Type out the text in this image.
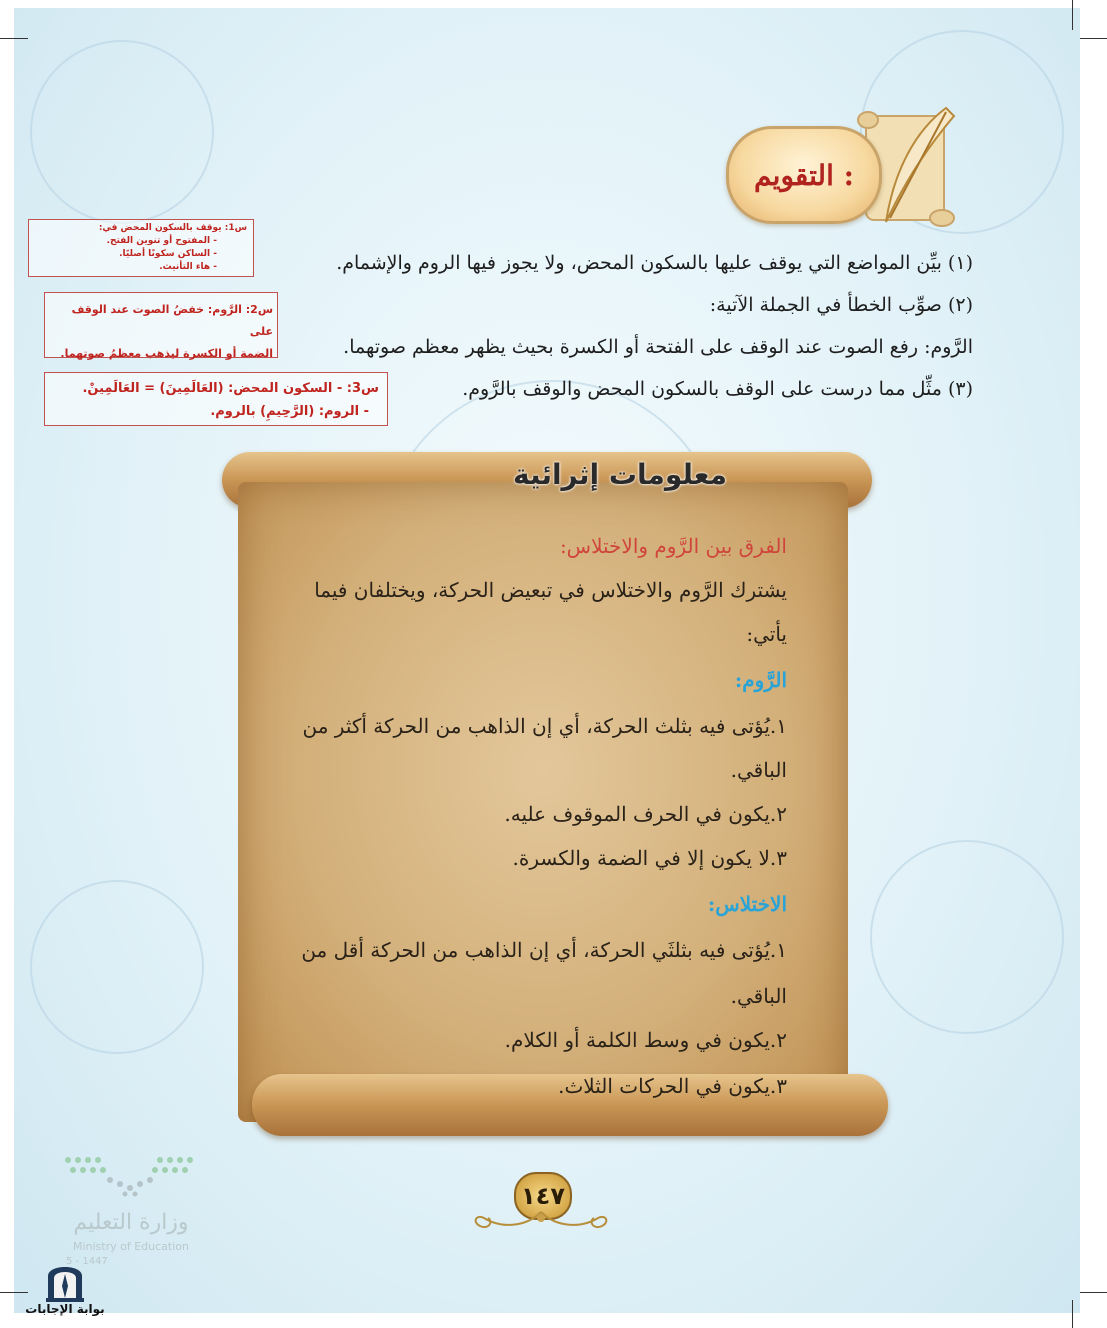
التقويم :
(١) بيِّن المواضع التي يوقف عليها بالسكون المحض، ولا يجوز فيها الروم والإشمام.
(٢) صوِّب الخطأ في الجملة الآتية:
الرَّوم: رفع الصوت عند الوقف على الفتحة أو الكسرة بحيث يظهر معظم صوتهما.
(٣) مثِّل مما درست على الوقف بالسكون المحض والوقف بالرَّوم.
س1: يوقف بالسكون المحض في:
- المفتوح أو تنوين الفتح.
- الساكن سكونًا أصليًا.
- هاء التأنيث.
س2: الرَّوم: خفضُ الصوت عند الوقف على
الضمة أو الكسرة ليذهب معظمُ صوتهما.
س3: - السكون المحض: (العَالَمِينَ) = العَالَمِينْ.
- الروم: (الرَّحِيمِ) بالروم.
معلومات إثرائية
الفرق بين الرَّوم والاختلاس:
يشترك الرَّوم والاختلاس في تبعيض الحركة، ويختلفان فيما
يأتي:
الرَّوم:
١.يُؤتى فيه بثلث الحركة، أي إن الذاهب من الحركة أكثر من
الباقي.
٢.يكون في الحرف الموقوف عليه.
٣.لا يكون إلا في الضمة والكسرة.
الاختلاس:
١.يُؤتى فيه بثلثَي الحركة، أي إن الذاهب من الحركة أقل من
الباقي.
٢.يكون في وسط الكلمة أو الكلام.
٣.يكون في الحركات الثلاث.
١٤٧
وزارة التعليم
Ministry of Education
5 - 1447
بوابة الإجابات
